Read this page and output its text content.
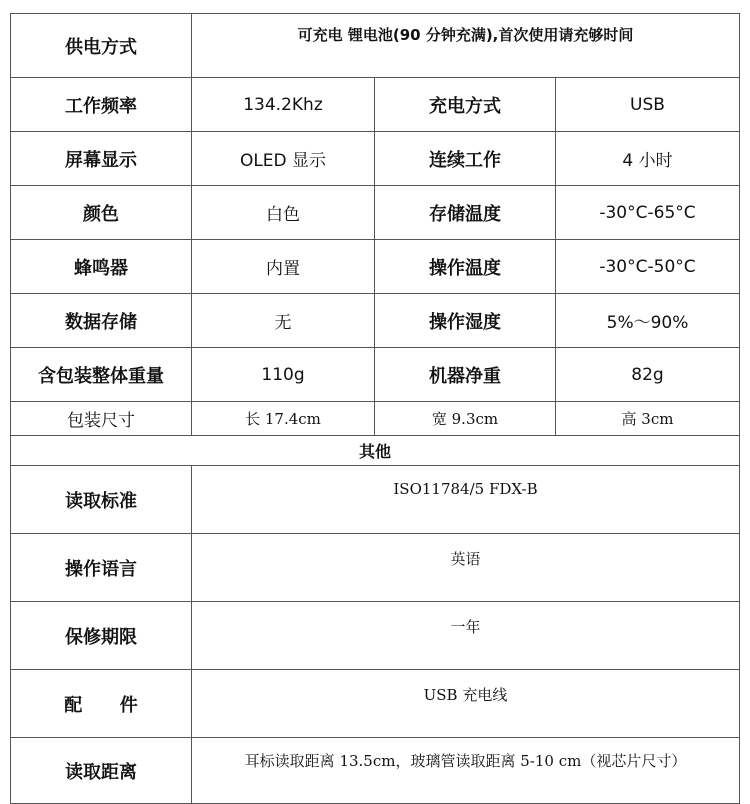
供电方式	可充电 锂电池(90 分钟充满),首次使用请充够时间		
工作频率	134.2Khz	充电方式	USB
屏幕显示	OLED 显示	连续工作	4 小时
颜色	白色	存储温度	-30°C-65°C
蜂鸣器	内置	操作温度	-30°C-50°C
数据存储	无	操作湿度	5%～90%
含包装整体重量	110g	机器净重	82g
包装尺寸	长 17.4cm	宽 9.3cm	高 3cm
其他			
读取标准	ISO11784/5 FDX-B		
操作语言	英语		
保修期限	一年		
配      件	USB 充电线		
读取距离	耳标读取距离 13.5cm，玻璃管读取距离 5-10 cm（视芯片尺寸）		
